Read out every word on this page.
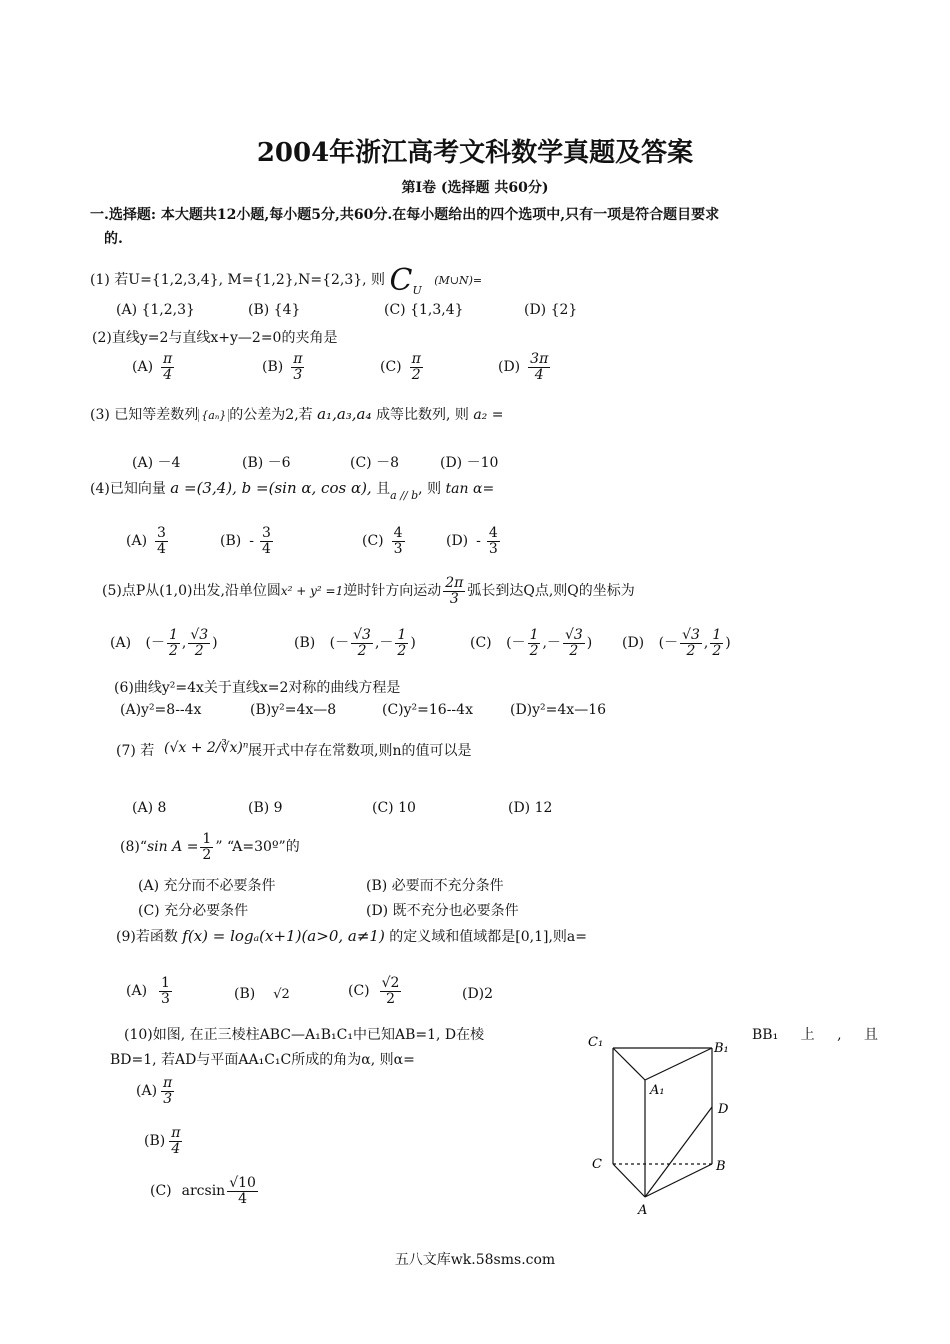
2004年浙江高考文科数学真题及答案
第Ⅰ卷 (选择题 共60分)
一.选择题: 本大题共12小题,每小题5分,共60分.在每小题给出的四个选项中,只有一项是符合题目要求
的.
(1) 若U={1,2,3,4}, M={1,2},N={2,3}, 则 $C_U$ (M∪N)=
(A) {1,2,3}	(B) {4}	(C) {1,3,4}	(D) {2}
(2)直线y=2与直线x+y—2=0的夹角是
$(A) \frac{\pi}{4}$	$(B) \frac{\pi}{3}$	$(C) \frac{\pi}{2}$	$(D) \frac{3\pi}{4}$
(3) 已知等差数列 {aₙ} 的公差为2,若 a₁,a₃,a₄ 成等比数列, 则 a₂ =
(A) －4	(B) －6	(C) －8	(D) －10
(4)已知向量 a =(3,4), b =(sin α, cos α), 且$_{a // b}$, 则 tan α=
$(A) \frac{3}{4}$	$(B) - \frac{3}{4}$	$(C) \frac{4}{3}$	$(D) - \frac{4}{3}$
(5)点P从(1,0)出发,沿单位圆x² + y² =1逆时针方向运动 $\frac{2\pi}{3}$ 弧长到达Q点,则Q的坐标为
(A) (－ $\frac{1}{2}$ , $\frac{√3}{2}$ )	(B) (－ $\frac{√3}{2}$ ,－ $\frac{1}{2}$ )	(C) (－ $\frac{1}{2}$ ,－ $\frac{√3}{2}$ ) (D) (－ $\frac{√3}{2}$ , $\frac{1}{2}$ )
(6)曲线y²=4x关于直线x=2对称的曲线方程是
(A)y²=8--4x	(B)y²=4x—8	(C)y²=16--4x	(D)y²=4x—16
(7) 若 (√x + 2/∛x)ⁿ 展开式中存在常数项,则n的值可以是
(A) 8	(B) 9	(C) 10	(D) 12
(8)“sin $A = \frac{1}{2}$ ” “A=30º”的
(A) 充分而不必要条件	(B) 必要而不充分条件
(C) 充分必要条件	(D) 既不充分也必要条件
(9)若函数 f(x) = logₐ(x+1)(a>0, a≠1) 的定义域和值域都是[0,1],则a=
$(A) \frac{1}{3}$	(B) √2	$(C) \frac{√2}{2}$	(D)2
(10)如图, 在正三棱柱ABC—A₁B₁C₁中已知AB=1, D在棱	BB₁ 上 , 且
BD=1, 若AD与平面AA₁C₁C所成的角为α, 则α=
$(A) \frac{\pi}{3}$
$(B) \frac{\pi}{4}$
(C) $\arcsin \frac{√10}{4}$
C₁	B₁
A₁
D
C	B
A
五八文库wk.58sms.com
